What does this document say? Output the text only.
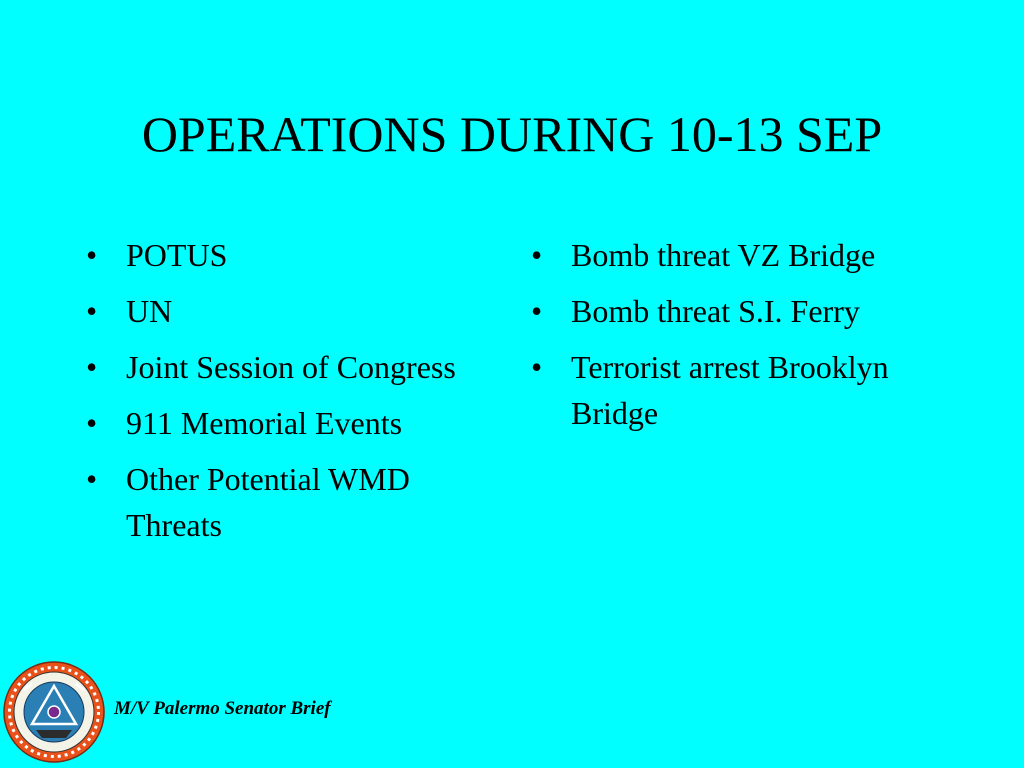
OPERATIONS DURING 10-13 SEP
• POTUS
• UN
• Joint Session of Congress
• 911 Memorial Events
• Other Potential WMD Threats
• Bomb threat VZ Bridge
• Bomb threat S.I. Ferry
• Terrorist arrest Brooklyn Bridge
M/V Palermo Senator Brief
